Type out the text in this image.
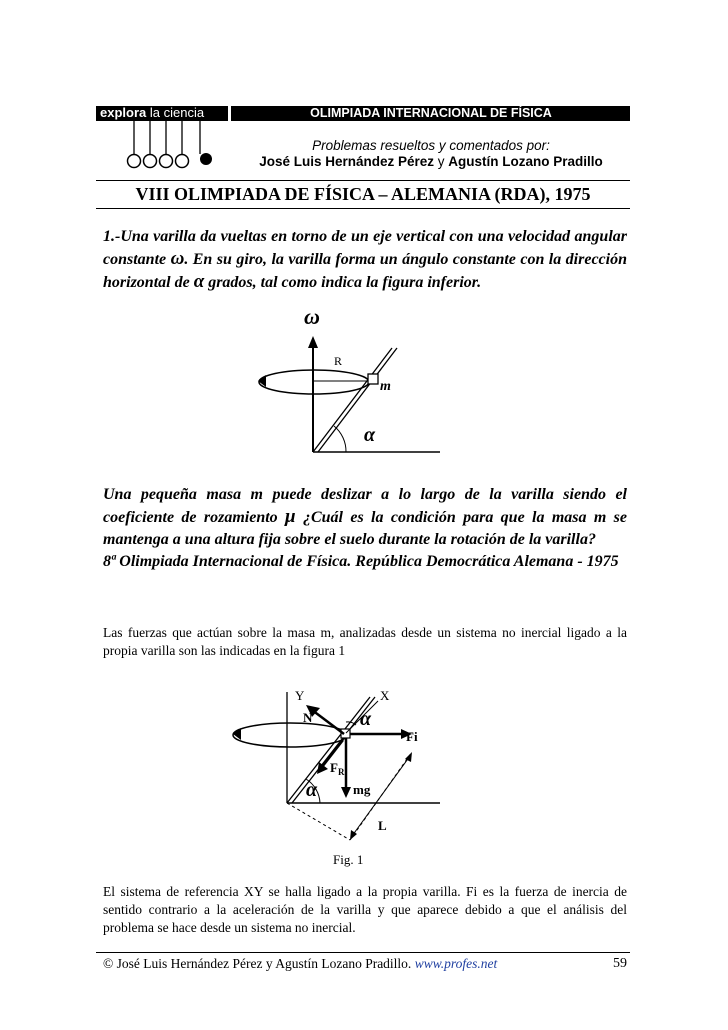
explora la ciencia	OLIMPIADA INTERNACIONAL DE FÍSICA
Problemas resueltos y comentados por:
José Luis Hernández Pérez y Agustín Lozano Pradillo
VIII OLIMPIADA DE FÍSICA – ALEMANIA (RDA), 1975
1.-Una varilla da vueltas en torno de un eje vertical con una velocidad angular constante ω. En su giro, la varilla forma un ángulo constante con la dirección horizontal de α grados, tal como indica la figura inferior.
ω
R
m
α
Una pequeña masa m puede deslizar a lo largo de la varilla siendo el coeficiente de rozamiento μ ¿Cuál es la condición para que la masa m se mantenga a una altura fija sobre el suelo durante la rotación de la varilla?
8ª Olimpiada Internacional de Física. República Democrática Alemana - 1975
Las fuerzas que actúan sobre la masa m, analizadas desde un sistema no inercial ligado a la propia varilla son las indicadas en la figura 1
Y	X
N α
Fi
$F_R$
α	mg
L
Fig. 1
El sistema de referencia XY se halla ligado a la propia varilla. Fi es la fuerza de inercia de sentido contrario a la aceleración de la varilla y que aparece debido a que el análisis del problema se hace desde un sistema no inercial.
© José Luis Hernández Pérez y Agustín Lozano Pradillo. www.profes.net	59
